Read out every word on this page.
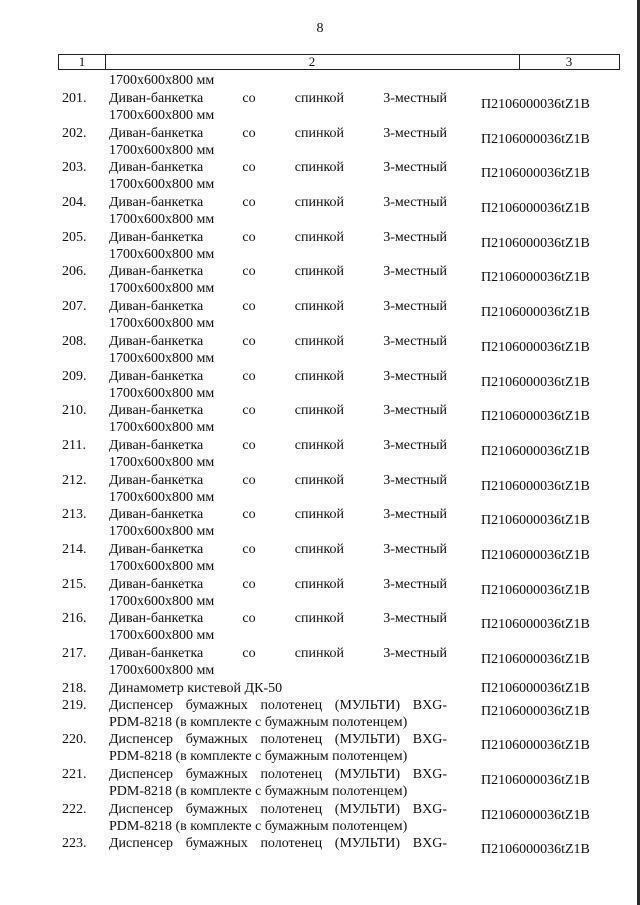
8
1	2	3
1700x600x800 мм
201. Диван-банкетка	со	спинкой	3-местный
1700x600x800 мм
П2106000036tZ1B
202. Диван-банкетка	со	спинкой	3-местный
1700x600x800 мм
П2106000036tZ1B
203. Диван-банкетка	со	спинкой	3-местный
1700x600x800 мм
П2106000036tZ1B
204. Диван-банкетка	со	спинкой	3-местный
1700x600x800 мм
П2106000036tZ1B
205. Диван-банкетка	со	спинкой	3-местный
1700x600x800 мм
П2106000036tZ1B
206. Диван-банкетка	со	спинкой	3-местный
1700x600x800 мм
П2106000036tZ1B
207. Диван-банкетка	со	спинкой	3-местный
1700x600x800 мм
П2106000036tZ1B
208. Диван-банкетка	со	спинкой	3-местный
1700x600x800 мм
П2106000036tZ1B
209. Диван-банкетка	со	спинкой	3-местный
1700x600x800 мм
П2106000036tZ1B
210. Диван-банкетка	со	спинкой	3-местный
1700x600x800 мм
П2106000036tZ1B
211. Диван-банкетка	со	спинкой	3-местный
1700x600x800 мм
П2106000036tZ1B
212. Диван-банкетка	со	спинкой	3-местный
1700x600x800 мм
П2106000036tZ1B
213. Диван-банкетка	со	спинкой	3-местный
1700x600x800 мм
П2106000036tZ1B
214. Диван-банкетка	со	спинкой	3-местный
1700x600x800 мм
П2106000036tZ1B
215. Диван-банкетка	со	спинкой	3-местный
1700x600x800 мм
П2106000036tZ1B
216. Диван-банкетка	со	спинкой	3-местный
1700x600x800 мм
П2106000036tZ1B
217. Диван-банкетка	со	спинкой	3-местный
1700x600x800 мм
П2106000036tZ1B
218. Динамометр кистевой ДК-50	П2106000036tZ1B
219. Диспенсер бумажных полотенец (МУЛЬТИ) BXG-
PDM-8218 (в комплекте с бумажным полотенцем)
П2106000036tZ1B
220. Диспенсер бумажных полотенец (МУЛЬТИ) BXG-
PDM-8218 (в комплекте с бумажным полотенцем)
П2106000036tZ1B
221. Диспенсер бумажных полотенец (МУЛЬТИ) BXG-
PDM-8218 (в комплекте с бумажным полотенцем)
П2106000036tZ1B
222. Диспенсер бумажных полотенец (МУЛЬТИ) BXG-
PDM-8218 (в комплекте с бумажным полотенцем)
П2106000036tZ1B
223. Диспенсер бумажных полотенец (МУЛЬТИ) BXG- П2106000036tZ1B
